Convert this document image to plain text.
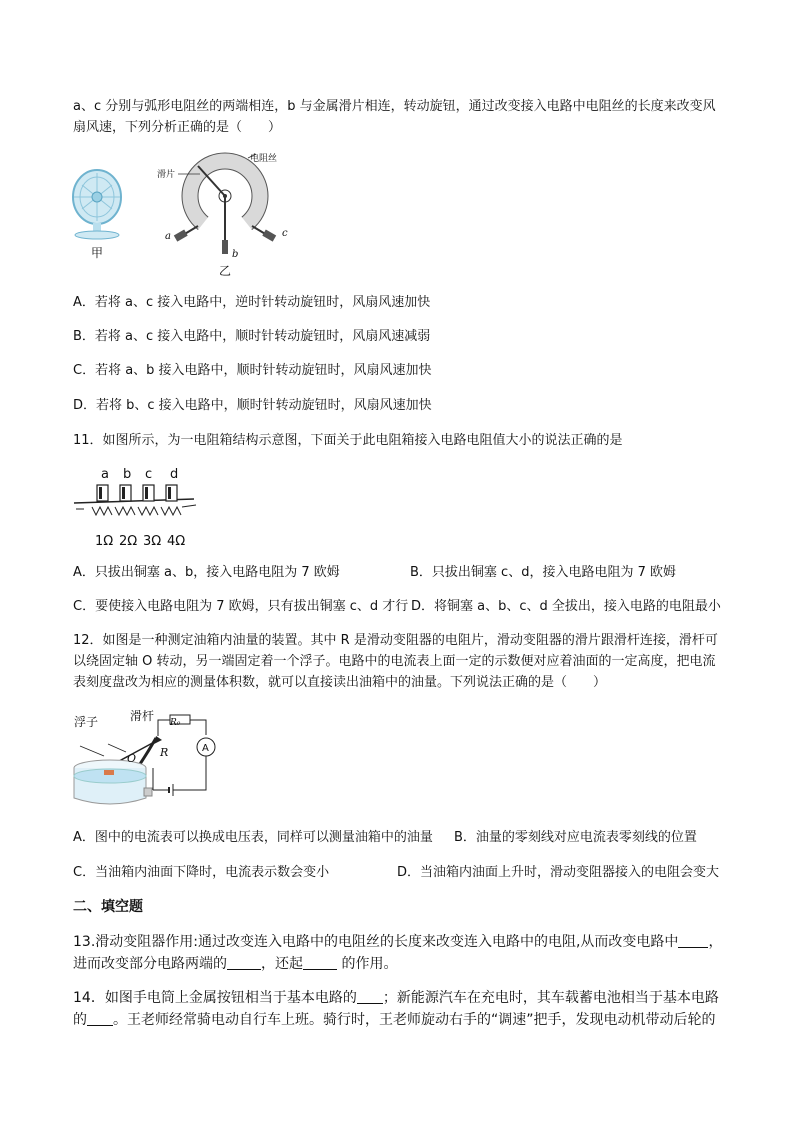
a、c 分别与弧形电阻丝的两端相连，b 与金属滑片相连，转动旋钮，通过改变接入电路中电阻丝的长度来改变风
扇风速，下列分析正确的是（　　）
甲
电阻丝
滑片
a
b
c
乙
A．若将 a、c 接入电路中，逆时针转动旋钮时，风扇风速加快
B．若将 a、c 接入电路中，顺时针转动旋钮时，风扇风速减弱
C．若将 a、b 接入电路中，顺时针转动旋钮时，风扇风速加快
D．若将 b、c 接入电路中，顺时针转动旋钮时，风扇风速加快
11．如图所示，为一电阻箱结构示意图，下面关于此电阻箱接入电路电阻值大小的说法正确的是
a b c d
1Ω 2Ω 3Ω 4Ω
A．只拔出铜塞 a、b，接入电路电阻为 7 欧姆	B．只拔出铜塞 c、d，接入电路电阻为 7 欧姆
C．要使接入电路电阻为 7 欧姆，只有拔出铜塞 c、d 才行 D．将铜塞 a、b、c、d 全拔出，接入电路的电阻最小
12．如图是一种测定油箱内油量的装置。其中 R 是滑动变阻器的电阻片，滑动变阻器的滑片跟滑杆连接，滑杆可
以绕固定轴 O 转动，另一端固定着一个浮子。电路中的电流表上面一定的示数便对应着油面的一定高度，把电流
表刻度盘改为相应的测量体积数，就可以直接读出油箱中的油量。下列说法正确的是（　　）
浮子	滑杆
O R
R₀
A
A．图中的电流表可以换成电压表，同样可以测量油箱中的油量 B．油量的零刻线对应电流表零刻线的位置
C．当油箱内油面下降时，电流表示数会变小	D．当油箱内油面上升时，滑动变阻器接入的电阻会变大
二、填空题
13.滑动变阻器作用:通过改变连入电路中的电阻丝的长度来改变连入电路中的电阻,从而改变电路中 ，
进而改变部分电路两端的 ，还起 的作用。
14．如图手电筒上金属按钮相当于基本电路的 ；新能源汽车在充电时，其车载蓄电池相当于基本电路
的 。王老师经常骑电动自行车上班。骑行时，王老师旋动右手的“调速”把手，发现电动机带动后轮的
